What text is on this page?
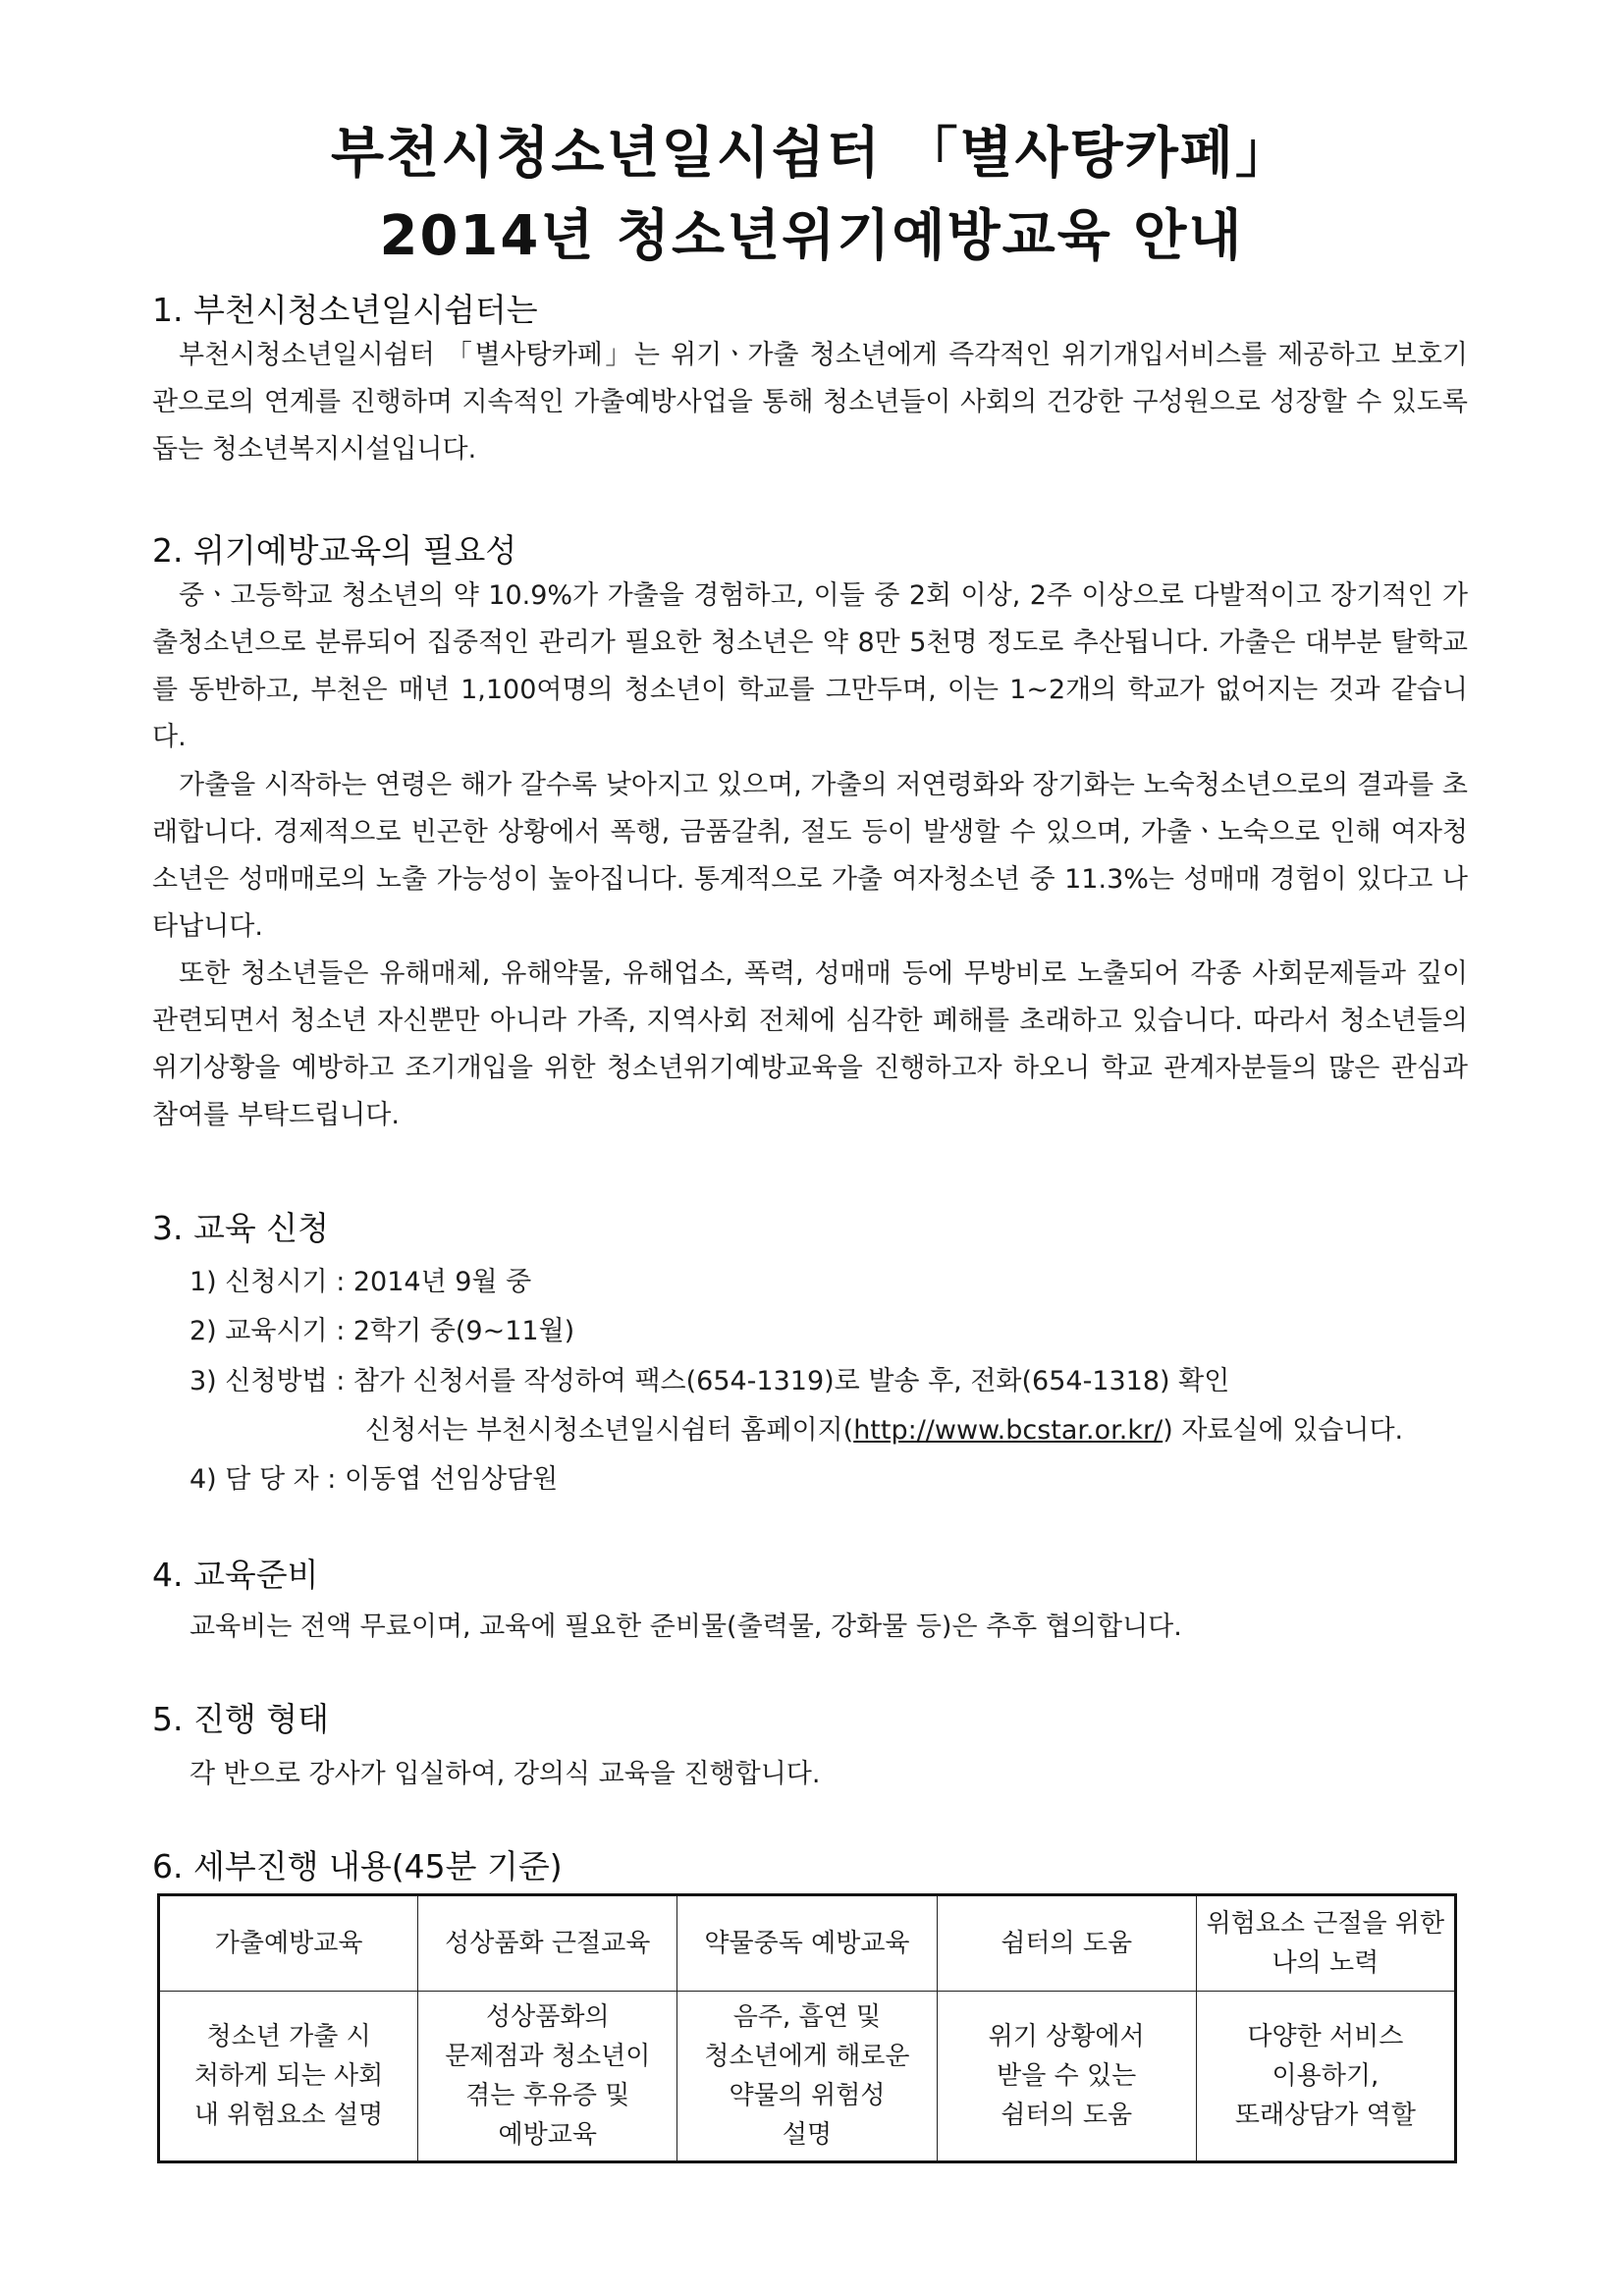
부천시청소년일시쉼터 「별사탕카페」
2014년 청소년위기예방교육 안내
1. 부천시청소년일시쉼터는
부천시청소년일시쉼터 「별사탕카페」는 위기ㆍ가출 청소년에게 즉각적인 위기개입서비스를 제공하고 보호기관으로의 연계를 진행하며 지속적인 가출예방사업을 통해 청소년들이 사회의 건강한 구성원으로 성장할 수 있도록 돕는 청소년복지시설입니다.
2. 위기예방교육의 필요성
중ㆍ고등학교 청소년의 약 10.9%가 가출을 경험하고, 이들 중 2회 이상, 2주 이상으로 다발적이고 장기적인 가출청소년으로 분류되어 집중적인 관리가 필요한 청소년은 약 8만 5천명 정도로 추산됩니다. 가출은 대부분 탈학교를 동반하고, 부천은 매년 1,100여명의 청소년이 학교를 그만두며, 이는 1~2개의 학교가 없어지는 것과 같습니다.
가출을 시작하는 연령은 해가 갈수록 낮아지고 있으며, 가출의 저연령화와 장기화는 노숙청소년으로의 결과를 초래합니다. 경제적으로 빈곤한 상황에서 폭행, 금품갈취, 절도 등이 발생할 수 있으며, 가출ㆍ노숙으로 인해 여자청소년은 성매매로의 노출 가능성이 높아집니다. 통계적으로 가출 여자청소년 중 11.3%는 성매매 경험이 있다고 나타납니다.
또한 청소년들은 유해매체, 유해약물, 유해업소, 폭력, 성매매 등에 무방비로 노출되어 각종 사회문제들과 깊이 관련되면서 청소년 자신뿐만 아니라 가족, 지역사회 전체에 심각한 폐해를 초래하고 있습니다. 따라서 청소년들의 위기상황을 예방하고 조기개입을 위한 청소년위기예방교육을 진행하고자 하오니 학교 관계자분들의 많은 관심과 참여를 부탁드립니다.
3. 교육 신청
1) 신청시기 : 2014년 9월 중
2) 교육시기 : 2학기 중(9~11월)
3) 신청방법 : 참가 신청서를 작성하여 팩스(654-1319)로 발송 후, 전화(654-1318) 확인
신청서는 부천시청소년일시쉼터 홈페이지(http://www.bcstar.or.kr/) 자료실에 있습니다.
4) 담 당 자 : 이동엽 선임상담원
4. 교육준비
교육비는 전액 무료이며, 교육에 필요한 준비물(출력물, 강화물 등)은 추후 협의합니다.
5. 진행 형태
각 반으로 강사가 입실하여, 강의식 교육을 진행합니다.
6. 세부진행 내용(45분 기준)
가출예방교육	성상품화 근절교육	약물중독 예방교육	쉼터의 도움	위험요소 근절을 위한 나의 노력
청소년 가출 시
처하게 되는 사회
내 위험요소 설명	성상품화의
문제점과 청소년이
겪는 후유증 및
예방교육	음주, 흡연 및
청소년에게 해로운
약물의 위험성
설명	위기 상황에서
받을 수 있는
쉼터의 도움	다양한 서비스
이용하기,
또래상담가 역할
